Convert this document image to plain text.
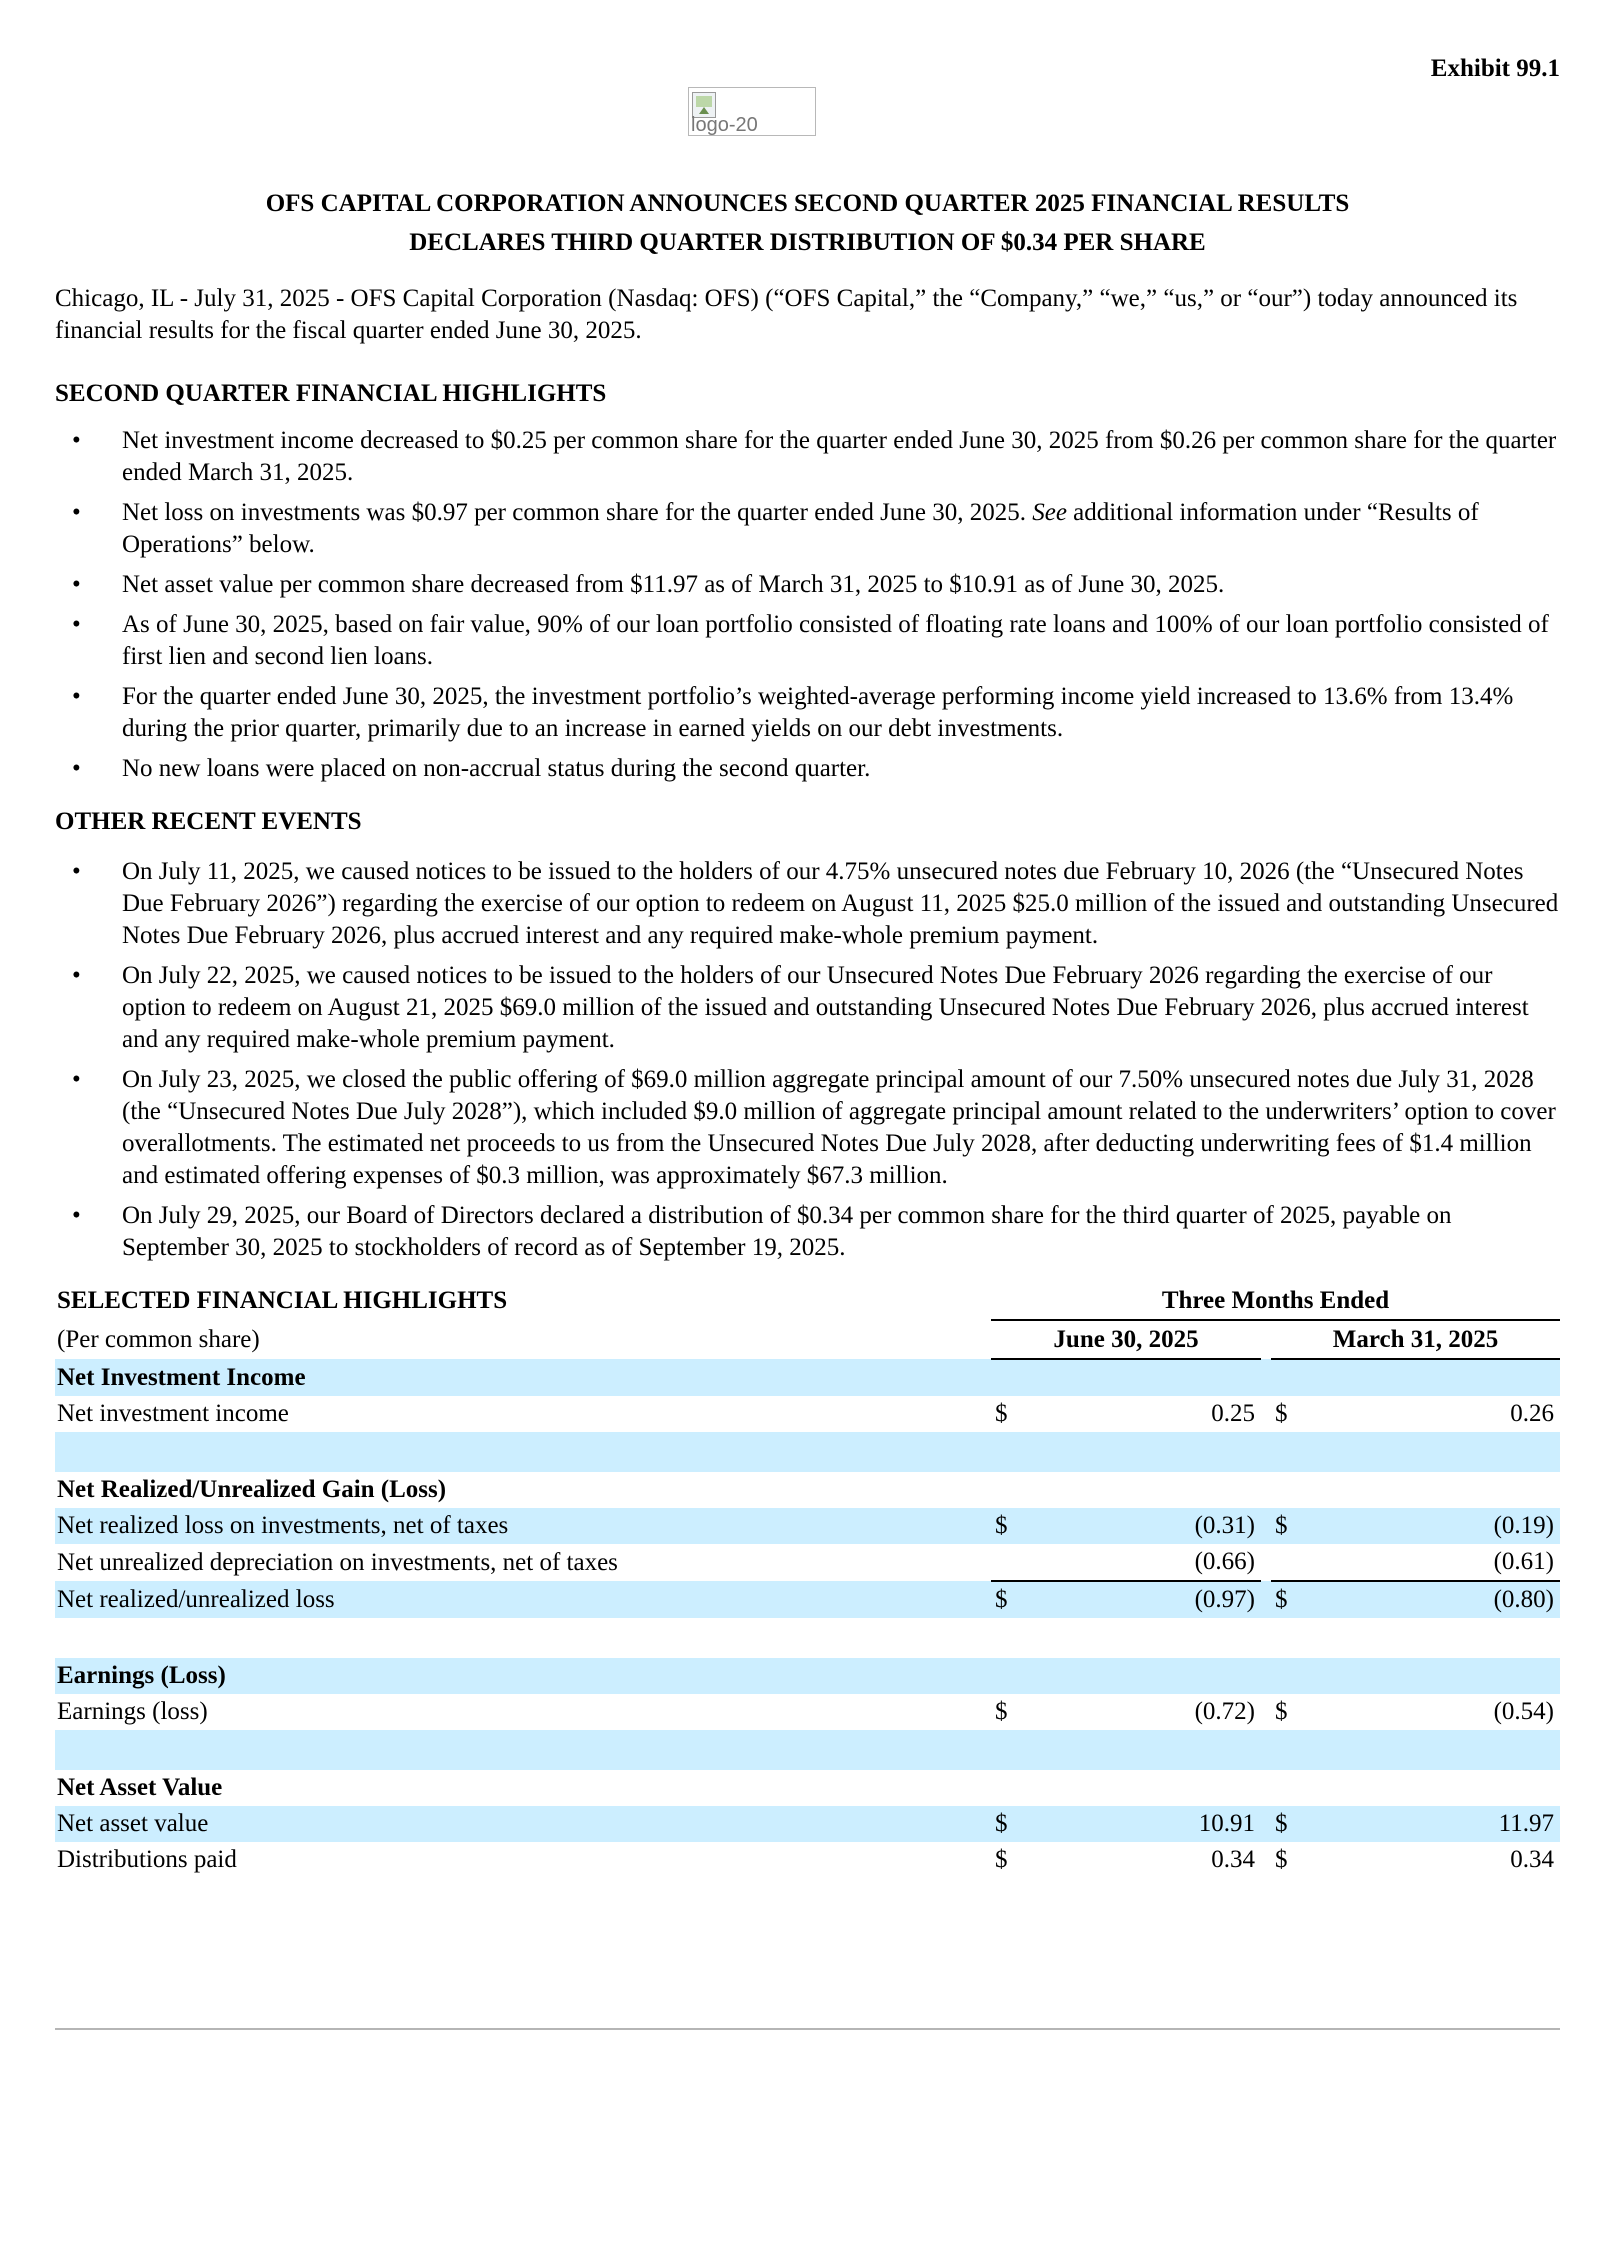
Exhibit 99.1
logo-20
OFS CAPITAL CORPORATION ANNOUNCES SECOND QUARTER 2025 FINANCIAL RESULTS
DECLARES THIRD QUARTER DISTRIBUTION OF $0.34 PER SHARE
Chicago, IL - July 31, 2025 - OFS Capital Corporation (Nasdaq: OFS) (“OFS Capital,” the “Company,” “we,” “us,” or “our”) today announced its financial results for the fiscal quarter ended June 30, 2025.
SECOND QUARTER FINANCIAL HIGHLIGHTS
• Net investment income decreased to $0.25 per common share for the quarter ended June 30, 2025 from $0.26 per common share for the quarter ended March 31, 2025.
• Net loss on investments was $0.97 per common share for the quarter ended June 30, 2025. See additional information under “Results of Operations” below.
• Net asset value per common share decreased from $11.97 as of March 31, 2025 to $10.91 as of June 30, 2025.
• As of June 30, 2025, based on fair value, 90% of our loan portfolio consisted of floating rate loans and 100% of our loan portfolio consisted of first lien and second lien loans.
• For the quarter ended June 30, 2025, the investment portfolio’s weighted-average performing income yield increased to 13.6% from 13.4% during the prior quarter, primarily due to an increase in earned yields on our debt investments.
• No new loans were placed on non-accrual status during the second quarter.
OTHER RECENT EVENTS
• On July 11, 2025, we caused notices to be issued to the holders of our 4.75% unsecured notes due February 10, 2026 (the “Unsecured Notes Due February 2026”) regarding the exercise of our option to redeem on August 11, 2025 $25.0 million of the issued and outstanding Unsecured Notes Due February 2026, plus accrued interest and any required make-whole premium payment.
• On July 22, 2025, we caused notices to be issued to the holders of our Unsecured Notes Due February 2026 regarding the exercise of our option to redeem on August 21, 2025 $69.0 million of the issued and outstanding Unsecured Notes Due February 2026, plus accrued interest and any required make-whole premium payment.
• On July 23, 2025, we closed the public offering of $69.0 million aggregate principal amount of our 7.50% unsecured notes due July 31, 2028 (the “Unsecured Notes Due July 2028”), which included $9.0 million of aggregate principal amount related to the underwriters’ option to cover overallotments. The estimated net proceeds to us from the Unsecured Notes Due July 2028, after deducting underwriting fees of $1.4 million and estimated offering expenses of $0.3 million, was approximately $67.3 million.
• On July 29, 2025, our Board of Directors declared a distribution of $0.34 per common share for the third quarter of 2025, payable on September 30, 2025 to stockholders of record as of September 19, 2025.
SELECTED FINANCIAL HIGHLIGHTS	Three Months Ended				
(Per common share)	June 30, 2025			March 31, 2025	
Net Investment Income					
Net investment income	$	0.25		$	0.26

Net Realized/Unrealized Gain (Loss)					
Net realized loss on investments, net of taxes	$	(0.31)		$	(0.19)
Net unrealized depreciation on investments, net of taxes		(0.66)			(0.61)
Net realized/unrealized loss	$	(0.97)		$	(0.80)

Earnings (Loss)					
Earnings (loss)	$	(0.72)		$	(0.54)

Net Asset Value					
Net asset value	$	10.91		$	11.97
Distributions paid	$	0.34		$	0.34
